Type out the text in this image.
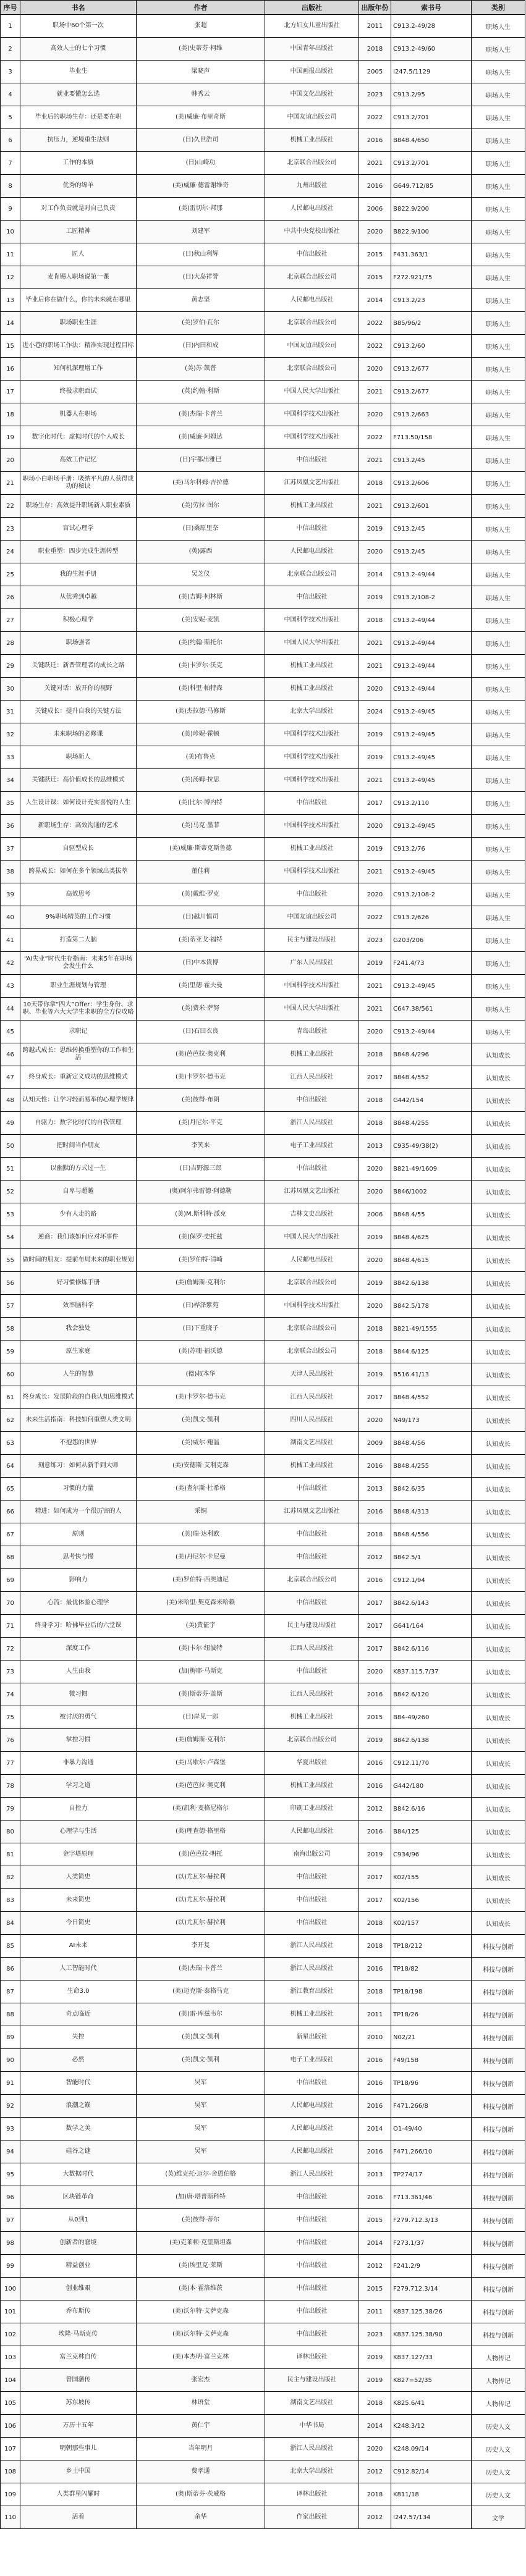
序号	书名	作者	出版社	出版年份	索书号	类别
1	职场中60个第一次	张超	北方妇女儿童出版社	2011	C913.2-49/28	职场人生
2	高效人士的七个习惯	(美)史蒂芬·柯维	中国青年出版社	2018	C913.2-49/60	职场人生
3	毕业生	梁晓声	中国画报出版社	2005	I247.5/1129	职场人生
4	就业要懂怎么选	韩秀云	中国文化出版社	2023	C913.2/95	职场人生
5	毕业后的职场生存：还是要在职	(美)威廉·布里奇斯	中国友谊出版公司	2022	C913.2/701	职场人生
6	抗压力，逆境重生法则	(日)久世浩司	机械工业出版社	2016	B848.4/650	职场人生
7	工作的本质	(日)山崎功	北京联合出版公司	2021	C913.2/701	职场人生
8	优秀的绵羊	(美)威廉·德雷谢维奇	九州出版社	2016	G649.712/85	职场人生
9	对工作负责就是对自己负责	(美)雷切尔·邦那	人民邮电出版社	2006	B822.9/200	职场人生
10	工匠精神	刘建军	中共中央党校出版社	2020	B822.9/100	职场人生
11	匠人	(日)秋山利辉	中信出版社	2015	F431.363/1	职场人生
12	麦肯锡人职场说第一课	(日)大岛祥誉	北京联合出版公司	2015	F272.921/75	职场人生
13	毕业后你在做什么，你的未来就在哪里	黄志坚	人民邮电出版社	2014	C913.2/23	职场人生
14	职场职业生涯	(美)罗伯·瓦尔	北京联合出版公司	2022	B85/96/2	职场人生
15	进小巷的职场工作法：精准实现过程目标	(日)内田和成	中国友谊出版公司	2022	C913.2/60	职场人生
16	知何机深理增工作	(美)苏·凯普	北京联合出版公司	2020	C913.2/677	职场人生
17	终极求职面试	(英)约翰·利斯	中国人民大学出版社	2021	C913.2/677	职场人生
18	机器人在职场	(美)杰瑞·卡普兰	中国科学技术出版社	2020	C913.2/663	职场人生
19	数字化时代：虚拟时代的个人成长	(美)威廉·阿姆达	中国科学技术出版社	2022	F713.50/158	职场人生
20	高效工作记忆	(日)宇都出雅巳	中信出版社	2021	C913.2/45	职场人生
21	职场小白职场手册：吸纳平凡的人获得成功的秘诀	(美)马尔科姆·吉拉德	江苏凤凰文艺出版社	2018	C913.2/606	职场人生
22	职场生存：高效提升职场新人职业素质	(美)劳拉·图尔	机械工业出版社	2021	C913.2/601	职场人生
23	盲试心理学	(日)桑原里奈	中信出版社	2019	C913.2/45	职场人生
24	职业重塑：四步完成生涯转型	(英)露西	人民邮电出版社	2020	C913.2/45	职场人生
25	我的生涯手册	吴芝仪	北京联合出版公司	2014	C913.2-49/44	职场人生
26	从优秀到卓越	(美)吉姆·柯林斯	中信出版社	2019	C913.2/108-2	职场人生
27	积极心理学	(美)安妮·麦凯	中国科学技术出版社	2018	C913.2-49/44	职场人生
28	职场强者	(美)约翰·斯托尔	中国人民大学出版社	2021	C913.2-49/44	职场人生
29	关键跃迁：新晋管理者的成长之路	(美)卡罗尔·沃克	机械工业出版社	2021	C913.2-49/44	职场人生
30	关键对话：放开你的视野	(美)科里·帕特森	机械工业出版社	2020	C913.2-49/44	职场人生
31	关键成长：提升自我的关键方法	(美)杰拉德·马修斯	北京大学出版社	2024	C913.2-49/45	职场人生
32	未来职场的必修课	(美)珍妮·霍顿	中国科学技术出版社	2019	C913.2-49/45	职场人生
33	职场新人	(美)布鲁克	中国科学技术出版社	2019	C913.2-49/45	职场人生
34	关键跃迁：高价值成长的思维模式	(美)汤姆·拉思	中国科学技术出版社	2021	C913.2-49/45	职场人生
35	人生设计课：如何设计充实喜悦的人生	(美)比尔·博内特	中信出版社	2017	C913.2/110	职场人生
36	新职场生存：高效沟通的艺术	(美)马克·墨菲	中国科学技术出版社	2020	C913.2-49/45	职场人生
37	自驱型成长	(美)威廉·斯蒂克斯鲁德	机械工业出版社	2019	C913.2/76	职场人生
38	跨界成长：如何在多个领域出类拔萃	董佳莉	中国科学技术出版社	2021	C913.2-49/45	职场人生
39	高效思考	(美)戴维·罗克	中信出版社	2020	C913.2/108-2	职场人生
40	9%职场精英的工作习惯	(日)越川慎司	中国友谊出版公司	2022	C913.2/626	职场人生
41	打造第二大脑	(美)蒂亚戈·福特	民主与建设出版社	2023	G203/206	职场人生
42	“AI失业”时代生存指南：未来5年在职场会发生什么	(日)中本贵博	广东人民出版社	2019	F241.4/73	职场人生
43	职业生涯规划与管理	(美)里德·霍夫曼	中国科学技术出版社	2021	C913.2-49/45	职场人生
44	10天带你拿“四大”Offer：学生身份、求职、毕业等六大大学生求职的全方位攻略	(美)费米·萨努	中国人民大学出版社	2021	C647.38/561	职场人生
45	求职记	(日)石田衣良	青岛出版社	2020	C913.2-49/44	职场人生
46	跨越式成长：思维转换重塑你的工作和生活	(美)芭芭拉·奥克利	机械工业出版社	2018	B848.4/296	认知成长
47	终身成长：重新定义成功的思维模式	(美)卡罗尔·德韦克	江西人民出版社	2017	B848.4/552	认知成长
48	认知天性：让学习轻而易举的心理学规律	(美)彼得·布朗	中信出版社	2018	G442/154	认知成长
49	自驱力：数字化时代的自我管理	(美)丹尼尔·平克	浙江人民出版社	2018	B848.4/255	认知成长
50	把时间当作朋友	李笑来	电子工业出版社	2013	C935-49/38(2)	认知成长
51	以幽默的方式过一生	(日)吉野源三郎	中信出版社	2020	B821-49/1609	认知成长
52	自卑与超越	(奥)阿尔弗雷德·阿德勒	江苏凤凰文艺出版社	2020	B846/1002	认知成长
53	少有人走的路	(美)M.斯科特·派克	吉林文史出版社	2006	B848.4/55	认知成长
54	逆商：我们该如何应对坏事件	(美)保罗·史托兹	中国人民大学出版社	2019	B848.4/625	认知成长
55	做时间的朋友：提前布局未来的职业规划	(美)罗伯特·清崎	人民邮电出版社	2020	B848.4/615	认知成长
56	好习惯修炼手册	(美)詹姆斯·克利尔	北京联合出版公司	2019	B842.6/138	认知成长
57	效率脑科学	(日)桦泽紫苑	中国科学技术出版社	2020	B842.5/178	认知成长
58	我会独处	(日)下重晓子	北京联合出版公司	2018	B821-49/1555	认知成长
59	原生家庭	(美)苏珊·福沃德	北京联合出版公司	2018	B844.6/125	认知成长
60	人生的智慧	(德)叔本华	天津人民出版社	2019	B516.41/13	认知成长
61	终身成长：发展阶段的自我认知思维模式	(美)卡罗尔·德韦克	江西人民出版社	2017	B848.4/552	认知成长
62	未来生活指南：科技如何重塑人类文明	(美)凯文·凯利	四川人民出版社	2020	N49/173	认知成长
63	不抱怨的世界	(美)威尔·鲍温	湖南文艺出版社	2009	B848.4/56	认知成长
64	刻意练习：如何从新手到大师	(美)安德斯·艾利克森	机械工业出版社	2016	B848.4/255	认知成长
65	习惯的力量	(美)查尔斯·杜希格	中信出版社	2013	B842.6/35	认知成长
66	精进：如何成为一个很厉害的人	采铜	江苏凤凰文艺出版社	2016	B848.4/313	认知成长
67	原则	(美)瑞·达利欧	中信出版社	2018	B848.4/556	认知成长
68	思考快与慢	(美)丹尼尔·卡尼曼	中信出版社	2012	B842.5/1	认知成长
69	影响力	(美)罗伯特·西奥迪尼	北京联合出版公司	2016	C912.1/94	认知成长
70	心流：最优体验心理学	(美)米哈里·契克森米哈赖	中信出版社	2017	B842.6/143	认知成长
71	终身学习：哈佛毕业后的六堂课	(美)黄征宇	民主与建设出版社	2017	G641/164	认知成长
72	深度工作	(美)卡尔·纽波特	江西人民出版社	2017	B842.6/116	认知成长
73	人生由我	(加)梅耶·马斯克	中信出版社	2020	K837.115.7/37	认知成长
74	微习惯	(美)斯蒂芬·盖斯	江西人民出版社	2016	B842.6/120	认知成长
75	被讨厌的勇气	(日)岸见一郎	机械工业出版社	2015	B84-49/260	认知成长
76	掌控习惯	(美)詹姆斯·克利尔	北京联合出版公司	2019	B842.6/138	认知成长
77	非暴力沟通	(美)马歇尔·卢森堡	华夏出版社	2016	C912.11/70	认知成长
78	学习之道	(美)芭芭拉·奥克利	机械工业出版社	2016	G442/180	认知成长
79	自控力	(美)凯利·麦格尼格尔	印刷工业出版社	2012	B842.6/16	认知成长
80	心理学与生活	(美)理查德·格里格	人民邮电出版社	2016	B84/125	认知成长
81	金字塔原理	(美)芭芭拉·明托	南海出版公司	2019	C934/96	认知成长
82	人类简史	(以)尤瓦尔·赫拉利	中信出版社	2017	K02/155	认知成长
83	未来简史	(以)尤瓦尔·赫拉利	中信出版社	2017	K02/156	认知成长
84	今日简史	(以)尤瓦尔·赫拉利	中信出版社	2018	K02/157	认知成长
85	AI未来	李开复	浙江人民出版社	2018	TP18/212	科技与创新
86	人工智能时代	(美)杰瑞·卡普兰	浙江人民出版社	2016	TP18/82	科技与创新
87	生命3.0	(美)迈克斯·泰格马克	浙江教育出版社	2018	TP18/198	科技与创新
88	奇点临近	(美)雷·库兹韦尔	机械工业出版社	2011	TP18/26	科技与创新
89	失控	(美)凯文·凯利	新星出版社	2010	N02/21	科技与创新
90	必然	(美)凯文·凯利	电子工业出版社	2016	F49/158	科技与创新
91	智能时代	吴军	中信出版社	2016	TP18/96	科技与创新
92	浪潮之巅	吴军	人民邮电出版社	2016	F471.266/8	科技与创新
93	数学之美	吴军	人民邮电出版社	2014	O1-49/40	科技与创新
94	硅谷之谜	吴军	人民邮电出版社	2016	F471.266/10	科技与创新
95	大数据时代	(英)维克托·迈尔-舍恩伯格	浙江人民出版社	2013	TP274/17	科技与创新
96	区块链革命	(加)唐·塔普斯科特	中信出版社	2016	F713.361/46	科技与创新
97	从0到1	(美)彼得·蒂尔	中信出版社	2015	F279.712.3/13	科技与创新
98	创新者的窘境	(美)克莱顿·克里斯坦森	中信出版社	2014	F273.1/37	科技与创新
99	精益创业	(美)埃里克·莱斯	中信出版社	2012	F241.2/9	科技与创新
100	创业维艰	(美)本·霍洛维茨	中信出版社	2015	F279.712.3/14	科技与创新
101	乔布斯传	(美)沃尔特·艾萨克森	中信出版社	2011	K837.125.38/26	科技与创新
102	埃隆·马斯克传	(美)沃尔特·艾萨克森	中信出版社	2023	K837.125.38/90	科技与创新
103	富兰克林自传	(美)本杰明·富兰克林	译林出版社	2019	K837.127/33	人物传记
104	曾国藩传	张宏杰	民主与建设出版社	2019	K827=52/35	人物传记
105	苏东坡传	林语堂	湖南文艺出版社	2018	K825.6/41	人物传记
106	万历十五年	黄仁宇	中华书局	2014	K248.3/12	历史人文
107	明朝那些事儿	当年明月	浙江人民出版社	2020	K248.09/14	历史人文
108	乡土中国	费孝通	北京大学出版社	2012	C912.82/14	历史人文
109	人类群星闪耀时	(奥)斯蒂芬·茨威格	译林出版社	2018	K811/18	历史人文
110	活着	余华	作家出版社	2012	I247.57/134	文学
